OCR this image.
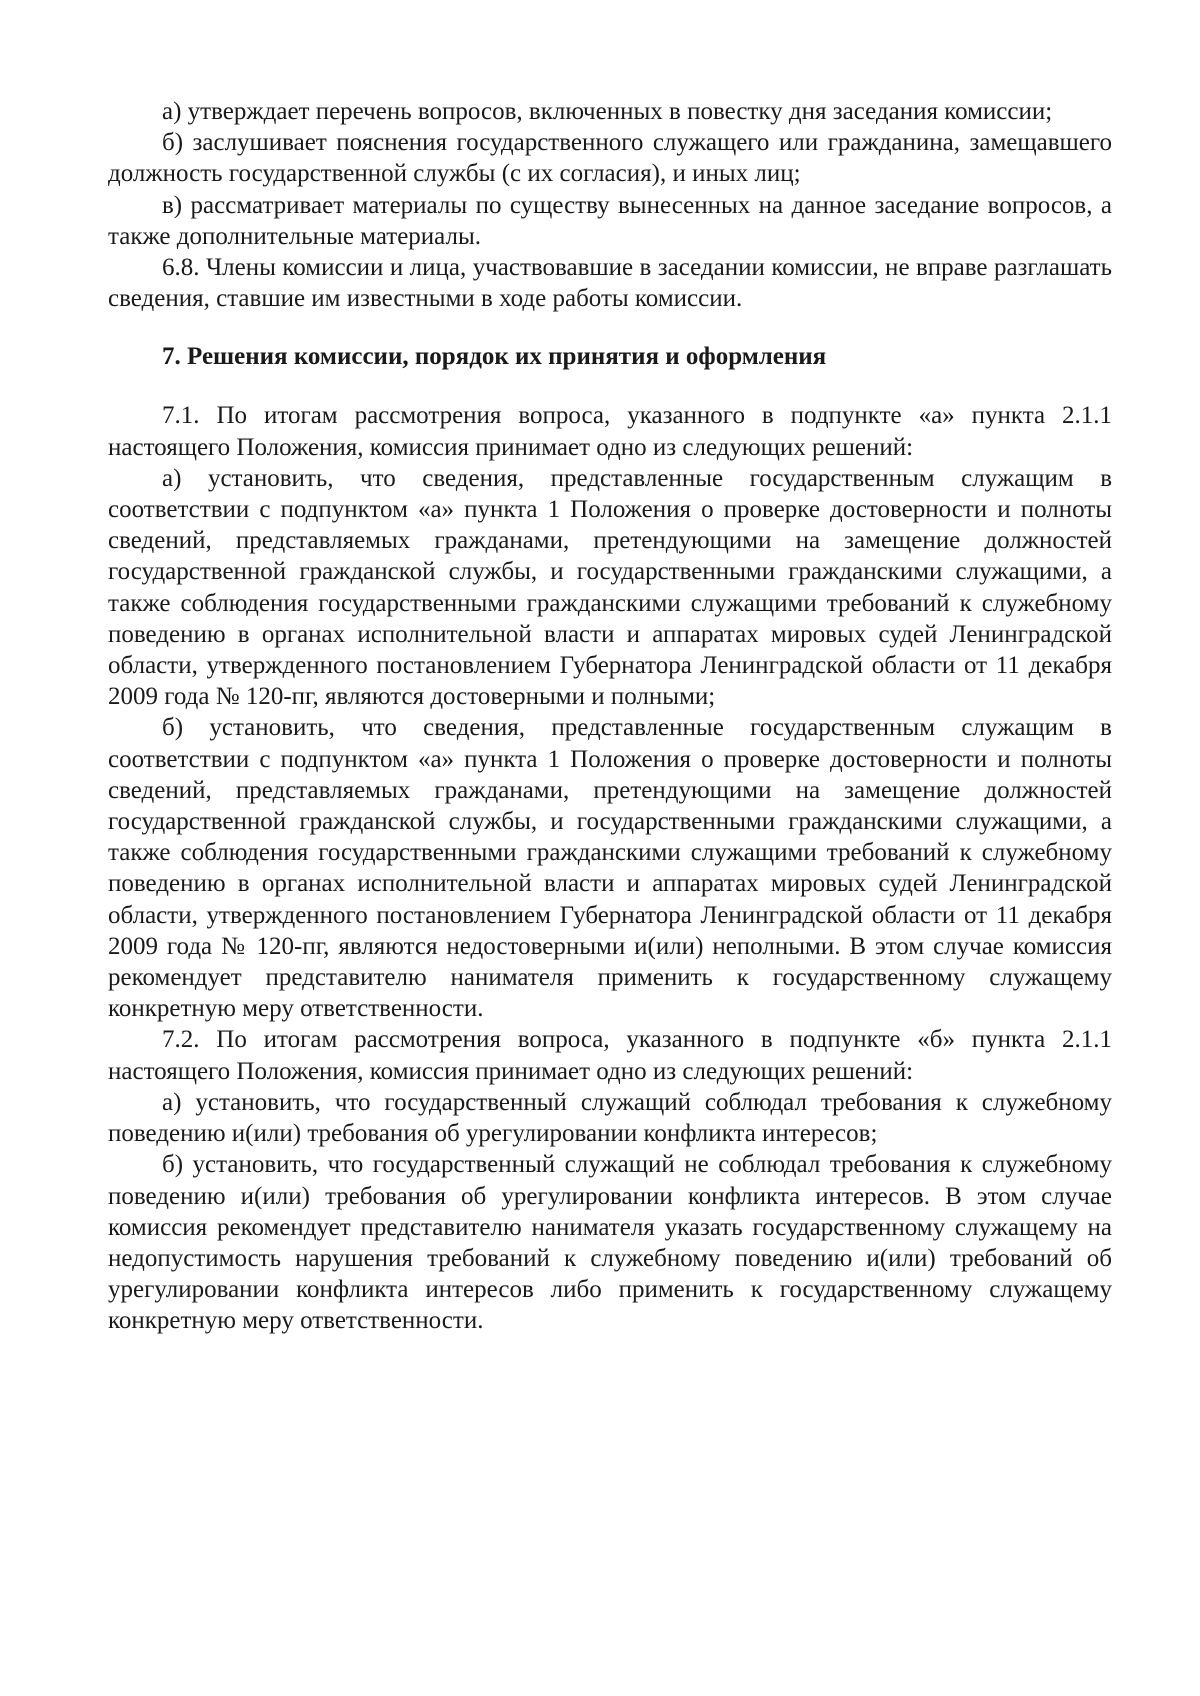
а) утверждает перечень вопросов, включенных в повестку дня заседания комиссии;

б) заслушивает пояснения государственного служащего или гражданина, замещавшего должность государственной службы (с их согласия), и иных лиц;

в) рассматривает материалы по существу вынесенных на данное заседание вопросов, а также дополнительные материалы.

6.8. Члены комиссии и лица, участвовавшие в заседании комиссии, не вправе разглашать сведения, ставшие им известными в ходе работы комиссии.

7. Решения комиссии, порядок их принятия и оформления

7.1. По итогам рассмотрения вопроса, указанного в подпункте «а» пункта 2.1.1 настоящего Положения, комиссия принимает одно из следующих решений:

а) установить, что сведения, представленные государственным служащим в соответствии с подпунктом «а» пункта 1 Положения о проверке достоверности и полноты сведений, представляемых гражданами, претендующими на замещение должностей государственной гражданской службы, и государственными гражданскими служащими, а также соблюдения государственными гражданскими служащими требований к служебному поведению в органах исполнительной власти и аппаратах мировых судей Ленинградской области, утвержденного постановлением Губернатора Ленинградской области от 11 декабря 2009 года № 120-пг, являются достоверными и полными;

б) установить, что сведения, представленные государственным служащим в соответствии с подпунктом «а» пункта 1 Положения о проверке достоверности и полноты сведений, представляемых гражданами, претендующими на замещение должностей государственной гражданской службы, и государственными гражданскими служащими, а также соблюдения государственными гражданскими служащими требований к служебному поведению в органах исполнительной власти и аппаратах мировых судей Ленинградской области, утвержденного постановлением Губернатора Ленинградской области от 11 декабря 2009 года № 120-пг, являются недостоверными и(или) неполными. В этом случае комиссия рекомендует представителю нанимателя применить к государственному служащему конкретную меру ответственности.

7.2. По итогам рассмотрения вопроса, указанного в подпункте «б» пункта 2.1.1 настоящего Положения, комиссия принимает одно из следующих решений:

а) установить, что государственный служащий соблюдал требования к служебному поведению и(или) требования об урегулировании конфликта интересов;

б) установить, что государственный служащий не соблюдал требования к служебному поведению и(или) требования об урегулировании конфликта интересов. В этом случае комиссия рекомендует представителю нанимателя указать государственному служащему на недопустимость нарушения требований к служебному поведению и(или) требований об урегулировании конфликта интересов либо применить к государственному служащему конкретную меру ответственности.
